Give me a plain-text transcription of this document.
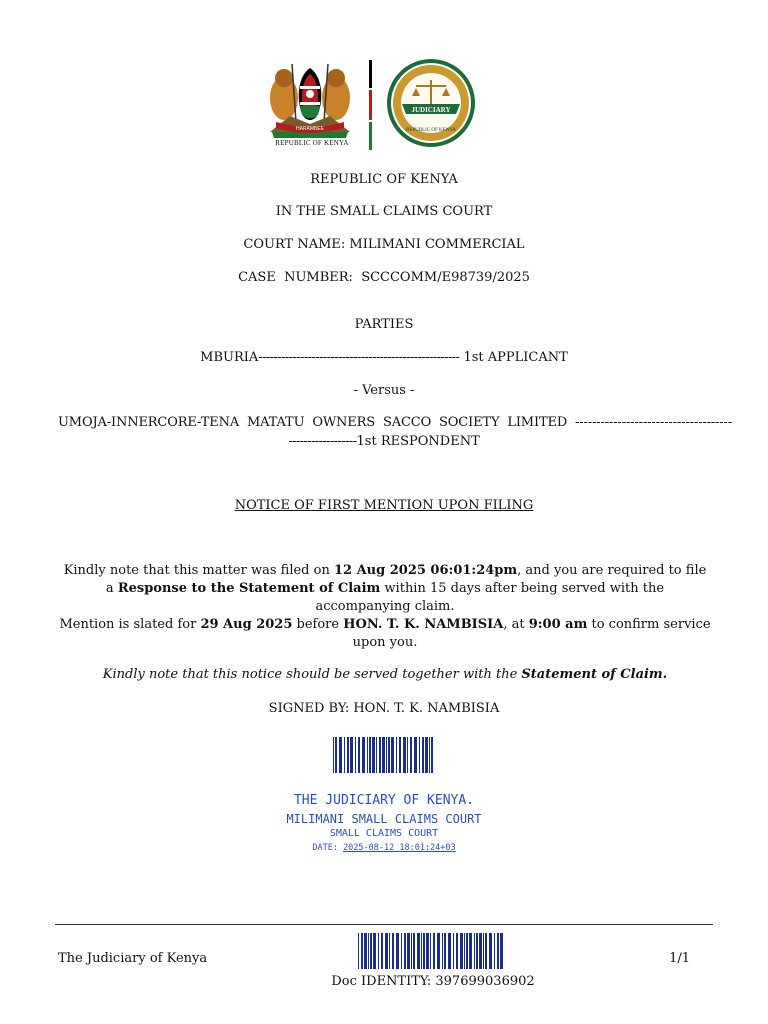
HARAMBEE
REPUBLIC OF KENYA
JUDICIARY
REPUBLIC OF KENYA
REPUBLIC OF KENYA
IN THE SMALL CLAIMS COURT
COURT NAME: MILIMANI COMMERCIAL
CASE  NUMBER:  SCCCOMM/E98739/2025
PARTIES
MBURIA----------------------------------------------------- 1st APPLICANT
- Versus -
UMOJA-INNERCORE-TENA  MATATU  OWNERS  SACCO  SOCIETY  LIMITED  -------------------------------------
------------------1st RESPONDENT
NOTICE OF FIRST MENTION UPON FILING
Kindly note that this matter was filed on 12 Aug 2025 06:01:24pm, and you are required to file a Response to the Statement of Claim within 15 days after being served with the accompanying claim.
Mention is slated for 29 Aug 2025 before HON. T. K. NAMBISIA, at 9:00 am to confirm service upon you.
Kindly note that this notice should be served together with the Statement of Claim.
SIGNED BY: HON. T. K. NAMBISIA
THE JUDICIARY OF KENYA.
MILIMANI SMALL CLAIMS COURT
SMALL CLAIMS COURT
DATE: 2025-08-12 18:01:24+03
The Judiciary of Kenya	1/1
Doc IDENTITY: 397699036902
